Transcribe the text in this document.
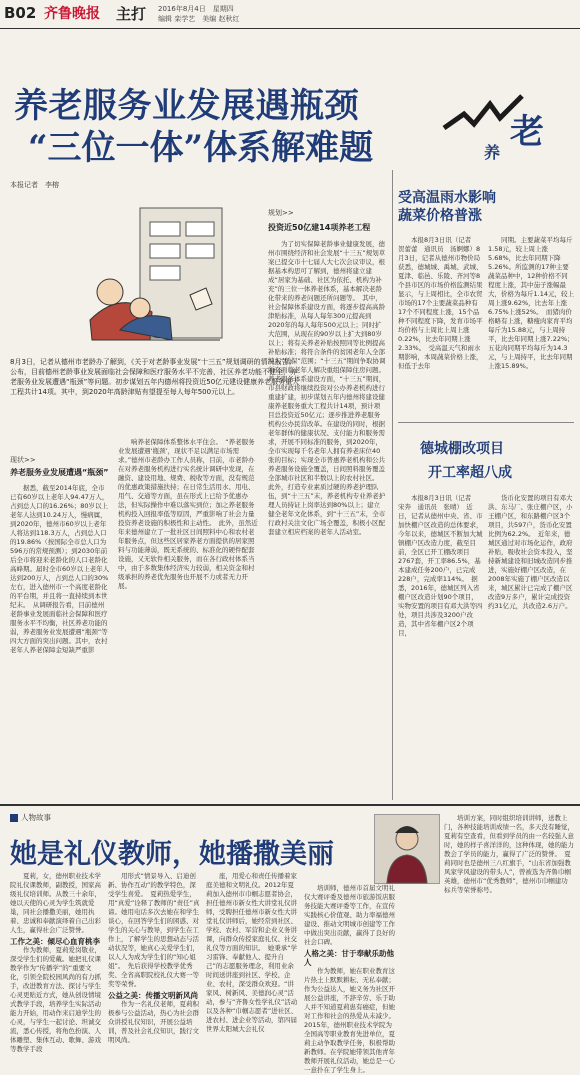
B02 齐鲁晚报 主打 2016年8月4日　星期四
编辑 栾学艺　美编 赵秋红
养老服务业发展遇瓶颈
“三位一体”体系解难题
本报记者　李榕
8月3日，记者从德州市老龄办了解到，《关于对老龄事业发展“十三五”规划调研的情况报告》公布，目前德州老龄事业发展面临社会保障和医疗服务水平不完善，社区养老功能不健全，养老服务业发展遭遇“瓶颈”等问题。初步谋划五年内德州将投资近50亿元建设健康养老服务重大工程共计14项。其中，到2020年高龄津贴有望提至每人每年500元以上。
现状>>
养老服务业发展遭遇“瓶颈”

据悉，截至2014年底，全市已有60岁以上老年人94.47万人，占到总人口的16.26%；80岁以上老年人达到10.24万人，慢病属，到2020年，德州市60岁以上老年人将达到118.3万人，占到总人口的19.86%（按国际全市总人口为596万的常规预测）；到2030年前后全市将迎来老龄化的人口老龄化高峰期。届时全市60岁以上老年人达到200万人，占到总人口的30%左右，进入德州市一个高度老龄化的平台期，并且将一直持续到本世纪末。　从调研报告看，目前德州老龄事业发展面临社会保障和医疗服务水平不均衡，社区养老功能的弱，养老服务业发展遭遇“瓶颈”等四大方面的突出问题。其中，农村老年人养老保障金短缺严重影

响养老保障体系整体水平住会。　“养老服务业发展遭遇‘瓶颈’，现状不足以满足市场需求。”德州市老龄办工作人员称，目前，市老龄办在对养老服务机构进行实名统计调研中发现，在融资、建设用地、规费、税收等方面，没有规范的优惠政策措施扶持；在日常生活用水、用电、用气、交通等方面，虽在形式上已给予优惠办法，但实际操作中难以落实到位；加之养老服务机构投入回报率低等原因，严重影响了社会力量投资养老设施的积极性和主动性。　此外，虽然近年来德州建立了一批社区日间照料中心和农村老年服务点，但这些区居家养老方面提供的居家照料与功能薄弱，既无系统的、标准化的硬件配套设施，又无软件相关服务，而在各行政村体系当中，由于多数集体经济实力较弱，相关资金和村级承担的养老优先服务也开展不力或者无力开展。

规划>>
投资近50亿建14项养老工程

为了切实保障老龄事业健康发展，德州市围绕经济和社会发展“十三五”规划草案已提交市十七届人大七次会议审议，根据基本构思可了解到，德州将建立建成“居家为基础、社区为依托、机构为补充”的三位一体养老体系，基本解决老龄化带来的养老问题还所问题等。　其中，社会保障体系建设方面，将逐步提高高龄津贴标准，从每人每年300元提高到2020年的每人每年500元以上；同时扩大范围，从现在的90岁以上扩大到80岁以上；将有关养老补贴按照同等比例提高补贴标准；将符合条件的贫困老年人全部纳入“低保”范围；“十三五”期间争取协调所有面临老年人解决重组保障住房问题。　养老服务体系建设方面，“十三五”期间，市县财政将继续投资对公办养老机构进行重建扩建，初步谋划五年内德州将建设健康养老服务重大工程共计14项，预计项目总投资近50亿元；逐步推进养老服务机构公办民营改革。在建设的同时，根据老年群体的健康状况、支付能力和服务需求，开展不同标准的服务，到2020年，全市实现每千名老年人拥有养老床位40张的目标；实现全市普惠养老机构和公共养老服务设施全覆盖，日间照料服务覆盖全部城市社区和半数以上的农村社区。　此外，打造专业素质过硬的养老护理队伍，到“十三五”末，养老机构专业养老护理人员持证上岗率达到80%以上；建立健全老年文化体系，到“十三五”末，全市行政村关注文化广场全覆盖，积极小区配套建立相应档案的老年人活动室。

老
养
受高温雨水影响
蔬菜价格普涨

本报8月3日讯（记者　贺蕾蕾　通讯员　汤婀娜）8月3日，记者从德州市物价局获悉，德城城、禹城、武城、夏津、临邑、乐陵、齐河等8个县市区的市场价格监测结果显示，与上周相比，全市农贸市场的17个主要蔬菜品种有17个不同程度上涨，15个品种不同程度下降，发育市场平均价格与上周比上周上涨0.22%，比去年同期上涨2.33%。　受高温天气和雨水期影响，本周蔬菜价格上涨，但低于去年

同期。主要蔬菜平均每斤1.58元，较上周上涨5.68%，比去年同期下降5.26%。所监测的17种主要蔬菜品种中，12种价格不同程度上涨，其中茄子涨幅最大，价格为每斤1.14元，较上周上涨9.62%，比去年上涨6.75%上涨52%。　而猪肉价格略有上涨，糖瘦肉家育平均每斤为15.88元，与上周持平，比去年同期上涨7.22%；五花肉同期平均每斤为14.3元，与上周持平，比去年同期上涨15.89%。

德城棚改项目
开工率超八成

本报8月3日讯（记者　宋奔　通讯员　张晴）　近日，记者从德州中央、省、市加快棚户区改造的总体要求，今年以来，德城区不断加大城镇棚户区改造力度，截至目前，全区已开工棚改项目2767套，开工率86.5%，基本建成任务200户，已完成228户，完成率114%。　据悉，2016年，德城区列入省棚户区改造计划90个项目，实物安置的项目有邓大洪等四处，项目共涉及3200户改造，其中省年棚户区2个项目，

货币化安置的项目有邓大洪、东马厂、张庄棚户区，小王棚户区，和东路棚户区3个项目，共597户，货币化安置比例为62.2%。　近年来，德城区通过对市场化运作，政府补贴，吸收社会资本投入，坚持新城建设和旧城改造同步推进，实施好棚户区改造，在2008年实施了棚户区改造以来，城区累计已完成了棚户区改造9万多户，累计完成投资约31亿元，共改造2.6万户。

人物故事
她是礼仪教师，她播撒美丽

夏莉，女，德州职业技术学院礼仪课教师，副教授，国家高级礼仪培训师。从教三十余年，她以天使的心灵为学生筑就爱巢，同社会播撒美丽，她用执着、忠诚和奉献演绎着自己出彩人生，赢得社会广泛赞誉。

工作之美：倾尽心血育桃李

作为教师，夏莉爱岗敬业，深受学生们的爱戴。她把礼仪课教学作为“传播学”的“重要文化，引领全院校园风尚的有力抓手，改进教育方法、探讨与学生心灵更贴近方式，她从创设情境式教学手段，培养学生实际活动能力开始，用动作来启迪学生的心灵，与学生一起讨论、坦诚交流，悉心传授，将角色扮演、人体雕塑、集体互动、歌舞、游戏等教学手段

用形式“情景导入、启迪创新、协作互动”的教学特色，深受学生喜爱。　夏莉热爱学生，用“真爱”诠释了教师的“责任”真谛。她用电话多次去她在和学生谈心，在回答学生们的困惑、对学生的关心与教导，到学生在工作上，了解学生的思想动态与活动状况等，她真心关爱学生们，以人人为成为学生们的“知心姐姐”。　先后获得学校教学优秀奖、全省高职院校礼仪大赛一等奖等荣誉。

公益之美：传播文明新风尚

作为一名礼仪老师，夏莉积极参与公益活动，热心为社会群众讲授礼仪知识，开展公益培训，普及社会礼仪知识，践行文明风尚。

座，用爱心和责任传播着家庭美德和文明礼仪。2012年夏莉加入德州市巾帼志愿者协会，担任德州市新女性大讲堂礼仪讲师，受聘担任德州市新女性大讲堂礼仪讲师后，她经常到社区、学校、农村、军营和企业义务讲课，向群众传授家庭礼仪、社交礼仪等方面的知识。　她秉承“学习雷锋、奉献他人、提升自己”的志愿服务理念，利用业余时间送讲座到社区、学校、企业、农村，深受群众欢迎。“讲家风、树新风、美德润心灵”活动，参与“齐鲁女性学礼仪”活动以及各种“巾帼志愿者”进社区、进农村、进企业等活动，第四届世界太阳城大会礼仪

培训师，德州市首届文明礼仪大赛评委及德州市旅游饭店服务技能大赛评委等工作，在宣传实践核心价值观、助力率福德州建设、推动文明城市创建等工作中做出突出贡献，赢得了良好的社会口碑。

人格之美：甘于奉献乐助他人

作为教师，她在职业教育这片热土上默默耕耘、无私奉献；作为公益达人，她义务为社区开展公益讲座，不辞辛劳、乐于助人并不知道夏莉患有癌症，但她对工作和社会的热爱从未减少。　2015年，德州职业技术学院为全国高等职业教育先进单位，夏莉主动争取教学任务，积极帮助新教师。在学院她带领其他青年教师开展礼仪活动，她总是一心一意扑在了学生身上。

培训方案，同时组织培训讲师，送教上门，各种技能培训成绩一名，多天没有睡觉，夏莉有空查看，但看到学员的由一名较强人意时，她的样子喜洋洋的，这种体现，她的能力教会了学员的能力，赢得了广泛的赞誉。　夏莉同时也是德州三八红旗手，“山东省加强教风家学风建设的带头人”，曾被选为齐鲁巾帼英雄，德州市“优秀教师”，德州市巾帼建功标兵等荣誉称号。
